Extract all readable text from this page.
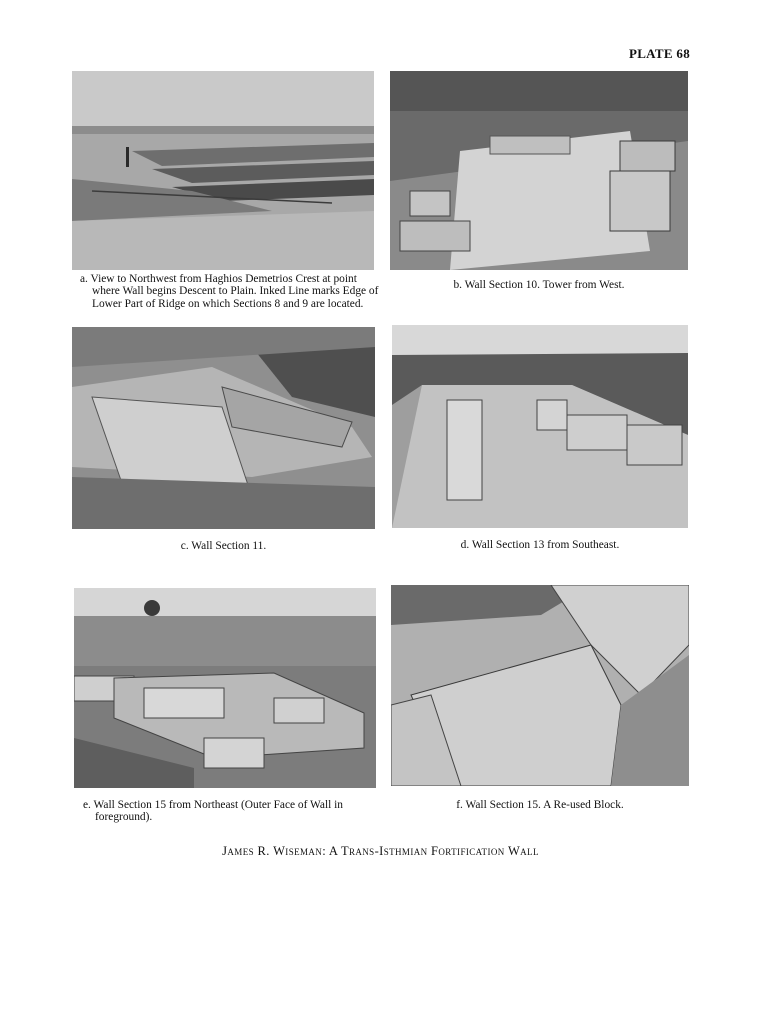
PLATE 68
a. View to Northwest from Haghios Demetrios Crest at point where Wall begins Descent to Plain. Inked Line marks Edge of Lower Part of Ridge on which Sections 8 and 9 are located.
b. Wall Section 10. Tower from West.
c. Wall Section 11.	d. Wall Section 13 from Southeast.
e. Wall Section 15 from Northeast (Outer Face of Wall in foreground).
f. Wall Section 15. A Re-used Block.
James R. Wiseman: A Trans-Isthmian Fortification Wall
